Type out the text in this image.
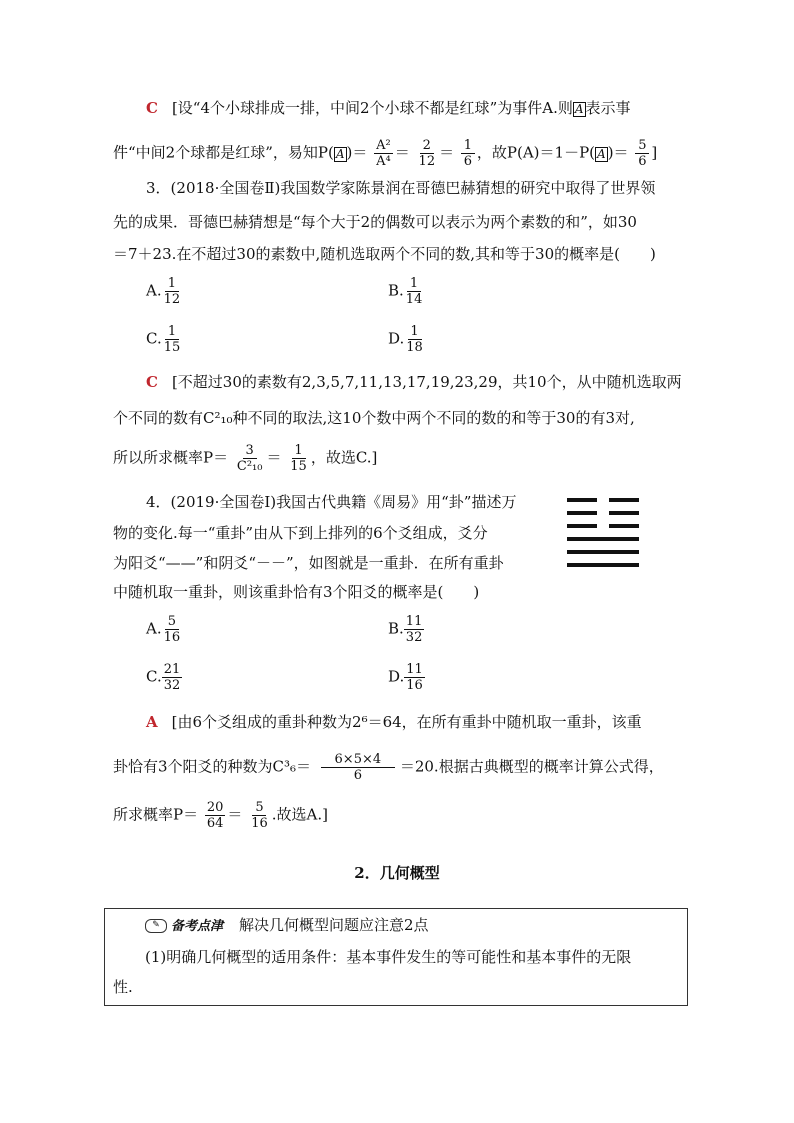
C [设“4个小球排成一排，中间2个小球不都是红球”为事件A.则 A 表示事
件“中间2个球都是红球”，易知P( A )＝ $\frac{\text{A²}}{\text{A⁴}} = \frac{2}{12} = \frac{1}{6}$ ，故P(A)＝1－P( A )＝ $\frac{5}{6}$ ]
3．(2018·全国卷Ⅱ)我国数学家陈景润在哥德巴赫猜想的研究中取得了世界领
先的成果．哥德巴赫猜想是“每个大于2的偶数可以表示为两个素数的和”，如30
＝7＋23.在不超过30的素数中,随机选取两个不同的数,其和等于30的概率是(　　)
A. $\frac{1}{12}$	B. $\frac{1}{14}$
C. $\frac{1}{15}$	D. $\frac{1}{18}$
C [不超过30的素数有2,3,5,7,11,13,17,19,23,29，共10个，从中随机选取两
个不同的数有C²₁₀种不同的取法,这10个数中两个不同的数的和等于30的有3对,
所以所求概率$P= \frac{3}{\text{C²₁₀}} = \frac{1}{15}$ ，故选C.]
4．(2019·全国卷Ⅰ)我国古代典籍《周易》用“卦”描述万
物的变化.每一“重卦”由从下到上排列的6个爻组成，爻分
为阳爻“——”和阴爻“－－”，如图就是一重卦．在所有重卦
中随机取一重卦，则该重卦恰有3个阳爻的概率是(　　)
A. $\frac{5}{16}$	B. $\frac{11}{32}$
C. $\frac{21}{32}$	D. $\frac{11}{16}$
A [由6个爻组成的重卦种数为2⁶＝64，在所有重卦中随机取一重卦，该重
卦恰有3个阳爻的种数为$C^3_6= \frac{6\times 5\times 4}{6} =20$.根据古典概型的概率计算公式得，
所求概率$P= \frac{20}{64} = \frac{5}{16}$ .故选A.]
2．几何概型
✎ 备考点津 解决几何概型问题应注意2点
(1)明确几何概型的适用条件：基本事件发生的等可能性和基本事件的无限
性.
